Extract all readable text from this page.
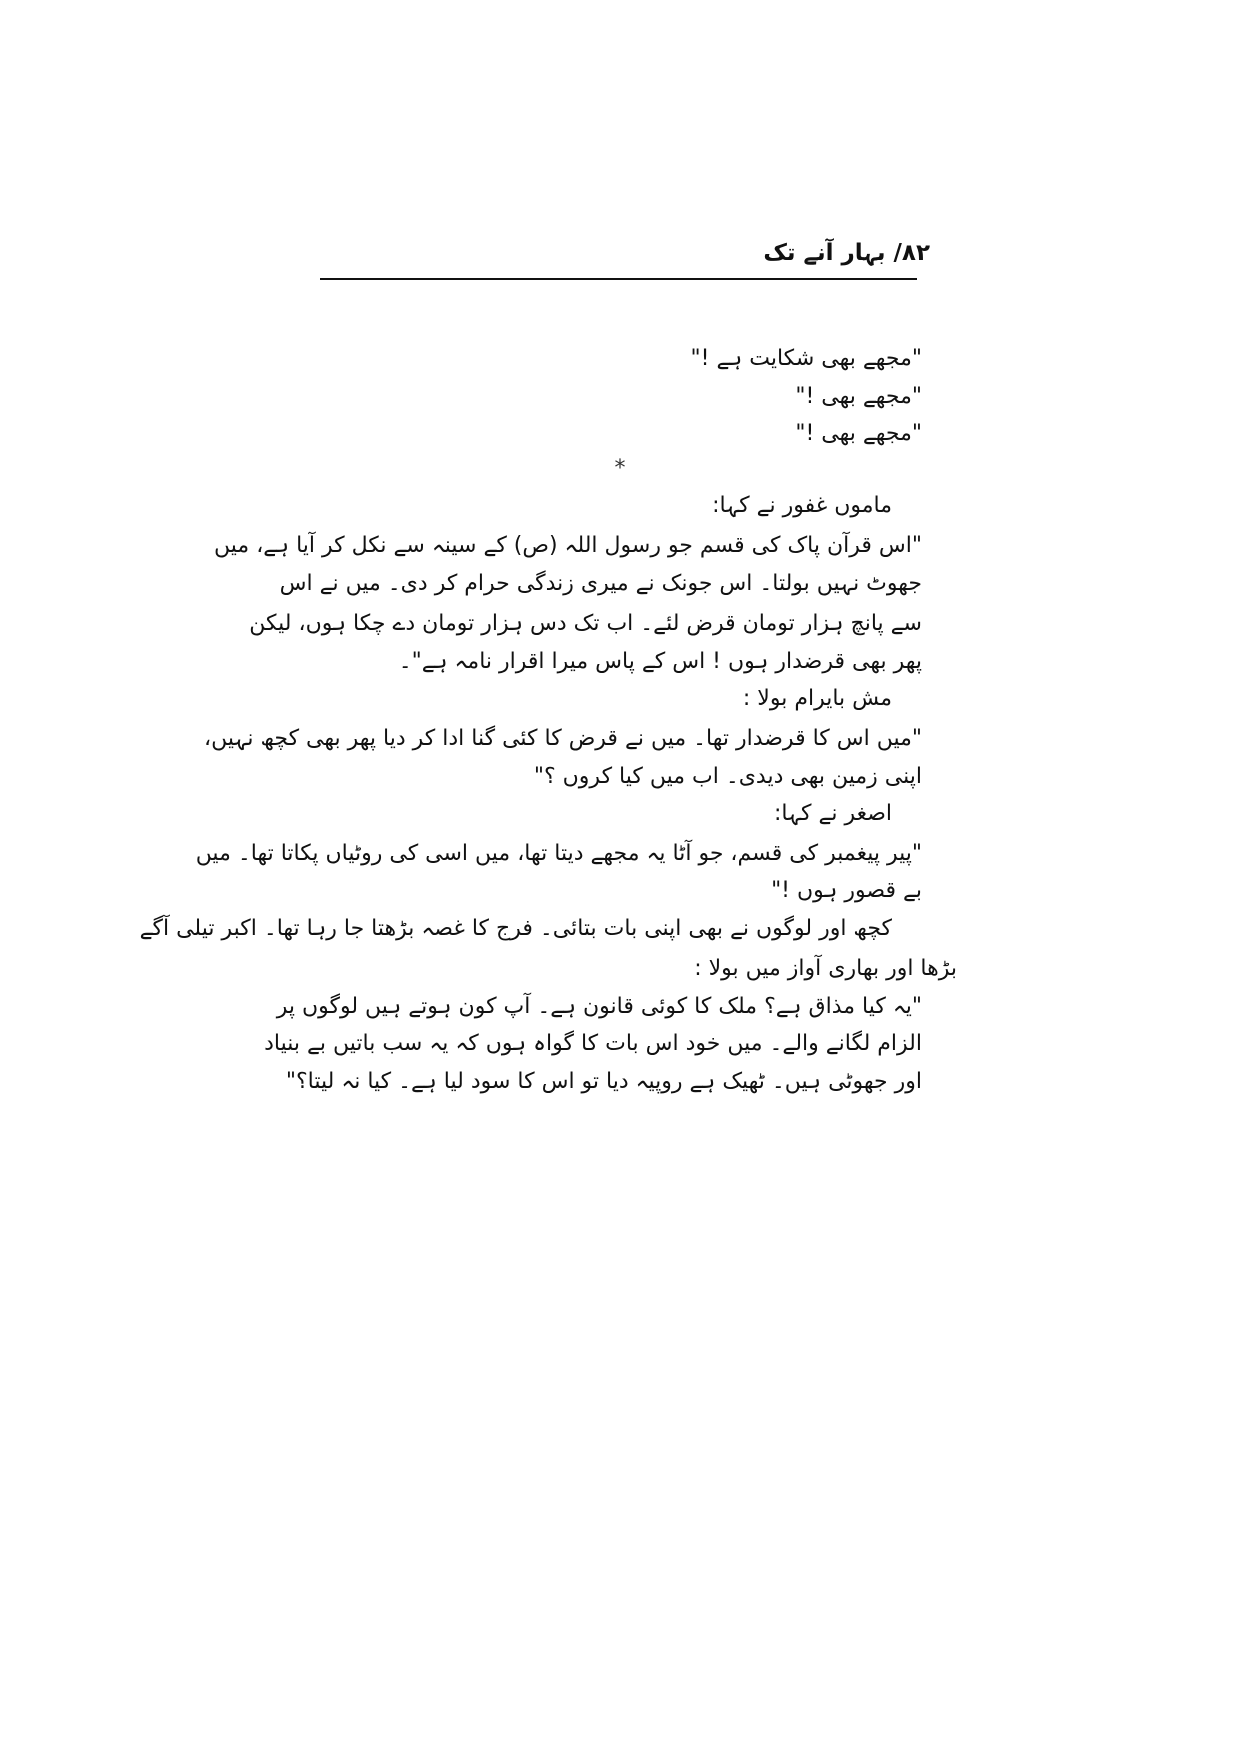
۸۲/ بہار آنے تک
"مجھے بھی شکایت ہے !"
"مجھے بھی !"
"مجھے بھی !"
*
ماموں غفور نے کہا:
"اس قرآن پاک کی قسم جو رسول اللہ (ص) کے سینہ سے نکل کر آیا ہے، میں
جھوٹ نہیں بولتا۔ اس جونک نے میری زندگی حرام کر دی۔ میں نے اس
سے پانچ ہزار تومان قرض لئے۔ اب تک دس ہزار تومان دے چکا ہوں، لیکن
پھر بھی قرضدار ہوں ! اس کے پاس میرا اقرار نامہ ہے"۔
مش بایرام بولا :
"میں اس کا قرضدار تھا۔ میں نے قرض کا کئی گنا ادا کر دیا پھر بھی کچھ نہیں،
اپنی زمین بھی دیدی۔ اب میں کیا کروں ؟"
اصغر نے کہا:
"پیر پیغمبر کی قسم، جو آٹا یہ مجھے دیتا تھا، میں اسی کی روٹیاں پکاتا تھا۔ میں
بے قصور ہوں !"
کچھ اور لوگوں نے بھی اپنی بات بتائی۔ فرج کا غصہ بڑھتا جا رہا تھا۔ اکبر تیلی آگے
بڑھا اور بھاری آواز میں بولا :
"یہ کیا مذاق ہے؟ ملک کا کوئی قانون ہے۔ آپ کون ہوتے ہیں لوگوں پر
الزام لگانے والے۔ میں خود اس بات کا گواہ ہوں کہ یہ سب باتیں بے بنیاد
اور جھوٹی ہیں۔ ٹھیک ہے روپیہ دیا تو اس کا سود لیا ہے۔ کیا نہ لیتا؟"
